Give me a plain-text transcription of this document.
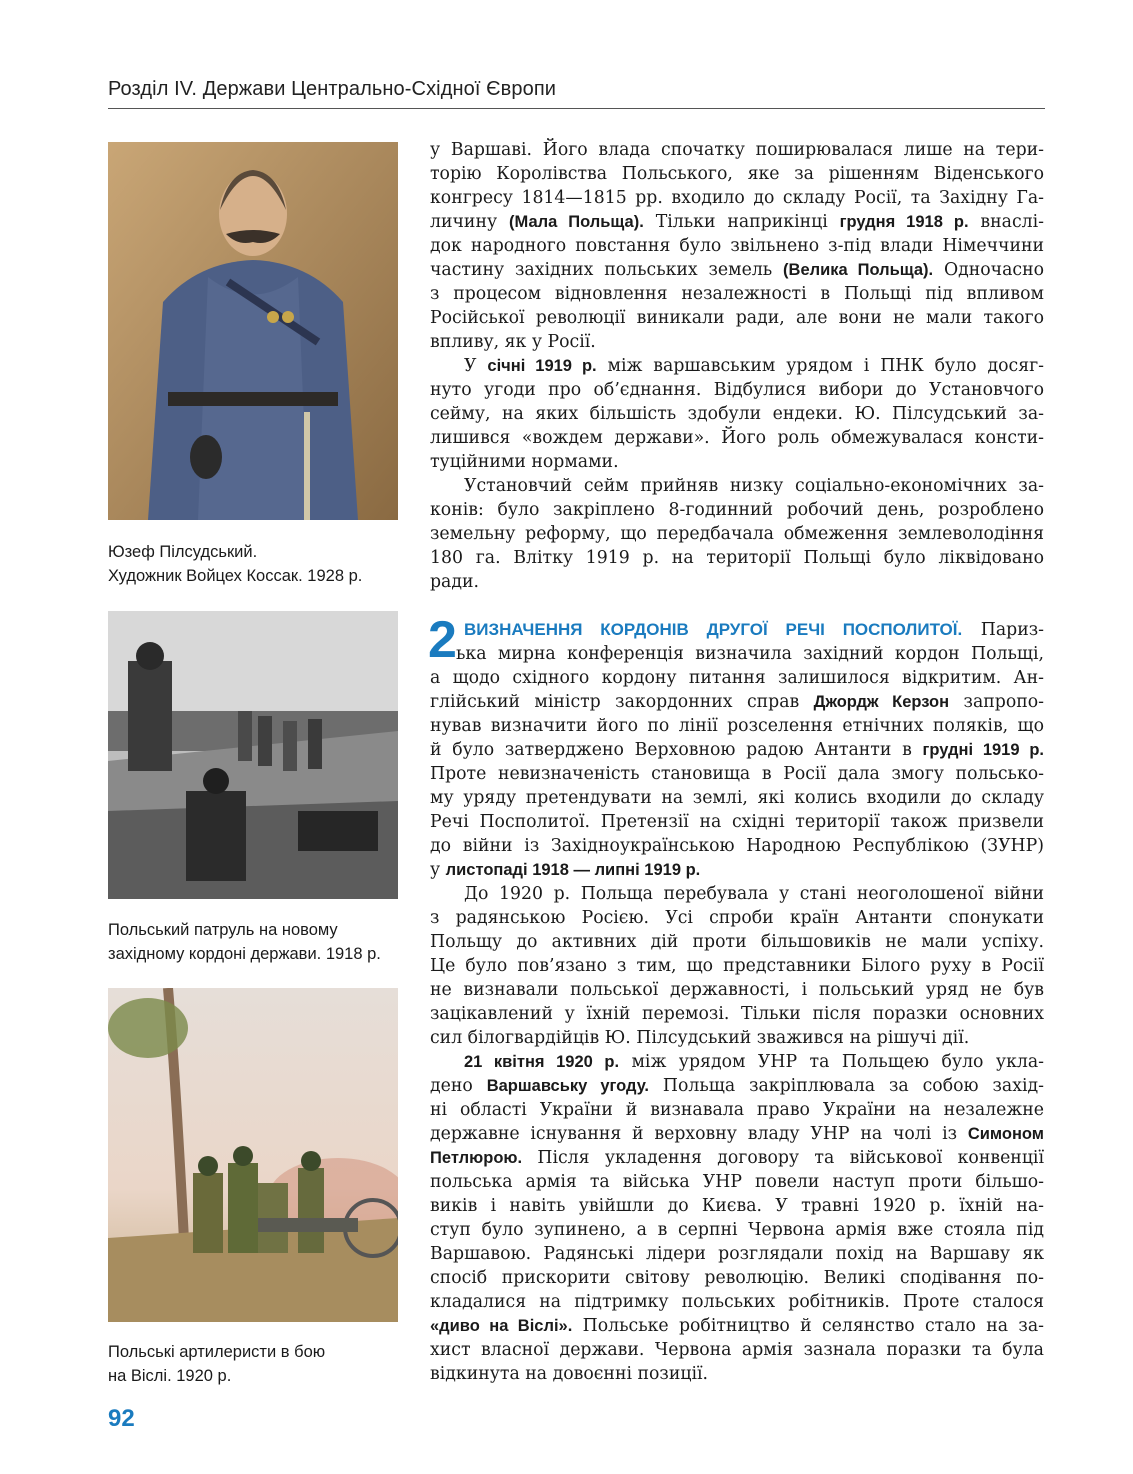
Розділ IV. Держави Центрально-Східної Європи
Юзеф Пілсудський.
Художник Войцех Коссак. 1928 р.
Польський патруль на новому
західному кордоні держави. 1918 р.
Польські артилеристи в бою
на Віслі. 1920 р.
у Варшаві. Його влада спочатку поширювалася лише на тери-
торію Королівства Польського, яке за рішенням Віденського
конгресу 1814—1815 рр. входило до складу Росії, та Західну Га-
личину (Мала Польща). Тільки наприкінці грудня 1918 р. внаслі-
док народного повстання було звільнено з-під влади Німеччини
частину західних польських земель (Велика Польща). Одночасно
з процесом відновлення незалежності в Польщі під впливом
Російської революції виникали ради, але вони не мали такого
впливу, як у Росії.
У січні 1919 р. між варшавським урядом і ПНК було досяг-
нуто угоди про об’єднання. Відбулися вибори до Установчого
сейму, на яких більшість здобули ендеки. Ю. Пілсудський за-
лишився «вождем держави». Його роль обмежувалася консти-
туційними нормами.
Установчий сейм прийняв низку соціально-економічних за-
конів: було закріплено 8-годинний робочий день, розроблено
земельну реформу, що передбачала обмеження землеволодіння
180 га. Влітку 1919 р. на території Польщі було ліквідовано
ради.
2 ВИЗНАЧЕННЯ КОРДОНІВ ДРУГОЇ РЕЧІ ПОСПОЛИТОЇ. Париз-
ька мирна конференція визначила західний кордон Польщі,
а щодо східного кордону питання залишилося відкритим. Ан-
глійський міністр закордонних справ Джордж Керзон запропо-
нував визначити його по лінії розселення етнічних поляків, що
й було затверджено Верховною радою Антанти в грудні 1919 р.
Проте невизначеність становища в Росії дала змогу польсько-
му уряду претендувати на землі, які колись входили до складу
Речі Посполитої. Претензії на східні території також призвели
до війни із Західноукраїнською Народною Республікою (ЗУНР)
у листопаді 1918 — липні 1919 р.
До 1920 р. Польща перебувала у стані неоголошеної війни
з радянською Росією. Усі спроби країн Антанти спонукати
Польщу до активних дій проти більшовиків не мали успіху.
Це було пов’язано з тим, що представники Білого руху в Росії
не визнавали польської державності, і польський уряд не був
зацікавлений у їхній перемозі. Тільки після поразки основних
сил білогвардійців Ю. Пілсудський зважився на рішучі дії.
21 квітня 1920 р. між урядом УНР та Польщею було укла-
дено Варшавську угоду. Польща закріплювала за собою захід-
ні області України й визнавала право України на незалежне
державне існування й верховну владу УНР на чолі із Симоном
Петлюрою. Після укладення договору та військової конвенції
польська армія та війська УНР повели наступ проти більшо-
виків і навіть увійшли до Києва. У травні 1920 р. їхній на-
ступ було зупинено, а в серпні Червона армія вже стояла під
Варшавою. Радянські лідери розглядали похід на Варшаву як
спосіб прискорити світову революцію. Великі сподівання по-
кладалися на підтримку польських робітників. Проте сталося
«диво на Віслі». Польське робітництво й селянство стало на за-
хист власної держави. Червона армія зазнала поразки та була
відкинута на довоєнні позиції.
92
